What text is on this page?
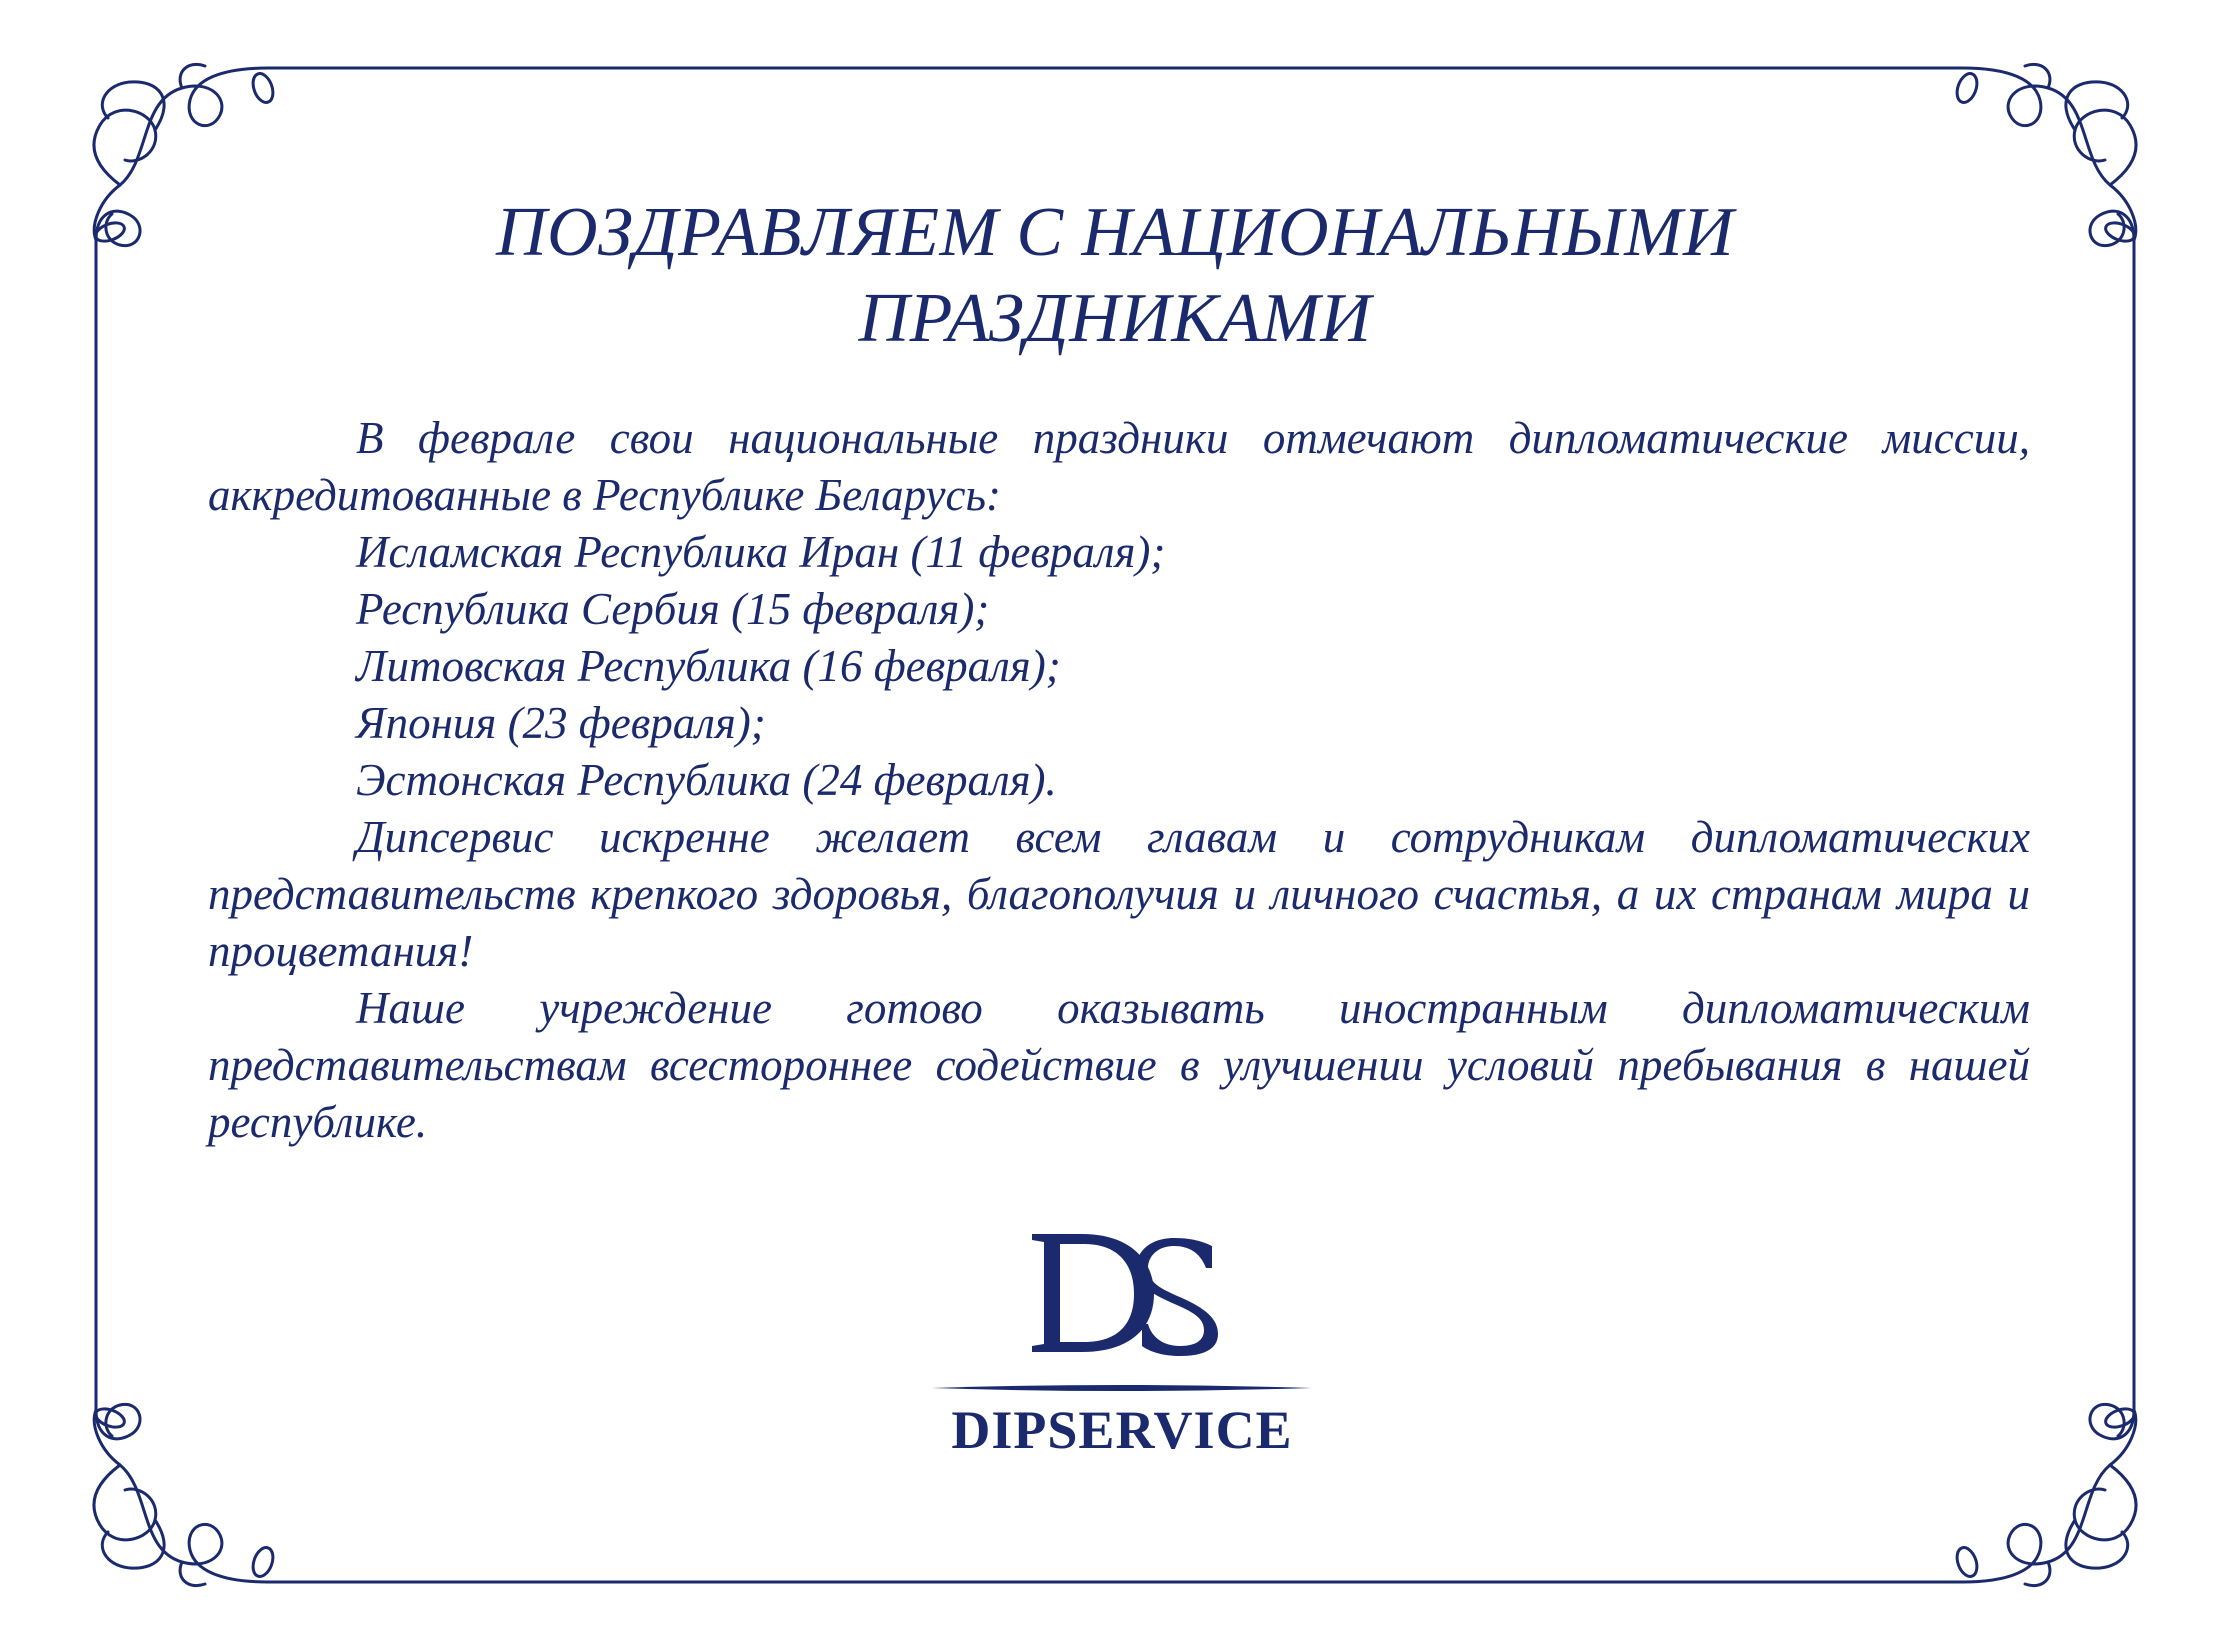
ПОЗДРАВЛЯЕМ С НАЦИОНАЛЬНЫМИ
ПРАЗДНИКАМИ

В феврале свои национальные праздники отмечают дипломатические миссии, аккредитованные в Республике Беларусь:

Исламская Республика Иран (11 февраля);

Республика Сербия (15 февраля);

Литовская Республика (16 февраля);

Япония (23 февраля);

Эстонская Республика (24 февраля).

Дипсервис искренне желает всем главам и сотрудникам дипломатических представительств крепкого здоровья, благополучия и личного счастья, а их странам мира и процветания!

Наше учреждение готово оказывать иностранным дипломатическим представительствам всестороннее содействие в улучшении условий пребывания в нашей республике.

DIPSERVICE
